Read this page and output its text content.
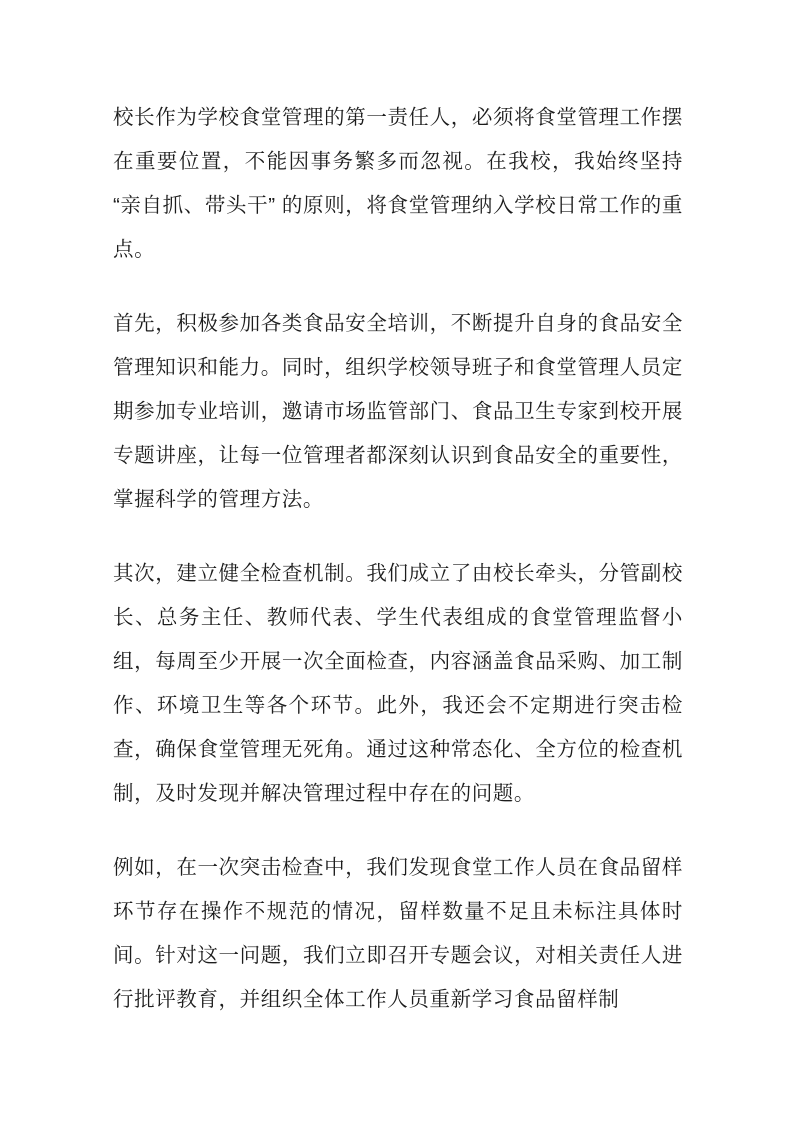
校长作为学校食堂管理的第一责任人，必须将食堂管理工作摆在重要位置，不能因事务繁多而忽视。在我校，我始终坚持 “亲自抓、带头干” 的原则，将食堂管理纳入学校日常工作的重点。

首先，积极参加各类食品安全培训，不断提升自身的食品安全管理知识和能力。同时，组织学校领导班子和食堂管理人员定期参加专业培训，邀请市场监管部门、食品卫生专家到校开展专题讲座，让每一位管理者都深刻认识到食品安全的重要性，掌握科学的管理方法。

其次，建立健全检查机制。我们成立了由校长牵头，分管副校长、总务主任、教师代表、学生代表组成的食堂管理监督小组，每周至少开展一次全面检查，内容涵盖食品采购、加工制作、环境卫生等各个环节。此外，我还会不定期进行突击检查，确保食堂管理无死角。通过这种常态化、全方位的检查机制，及时发现并解决管理过程中存在的问题。

例如，在一次突击检查中，我们发现食堂工作人员在食品留样环节存在操作不规范的情况，留样数量不足且未标注具体时间。针对这一问题，我们立即召开专题会议，对相关责任人进行批评教育，并组织全体工作人员重新学习食品留样制
